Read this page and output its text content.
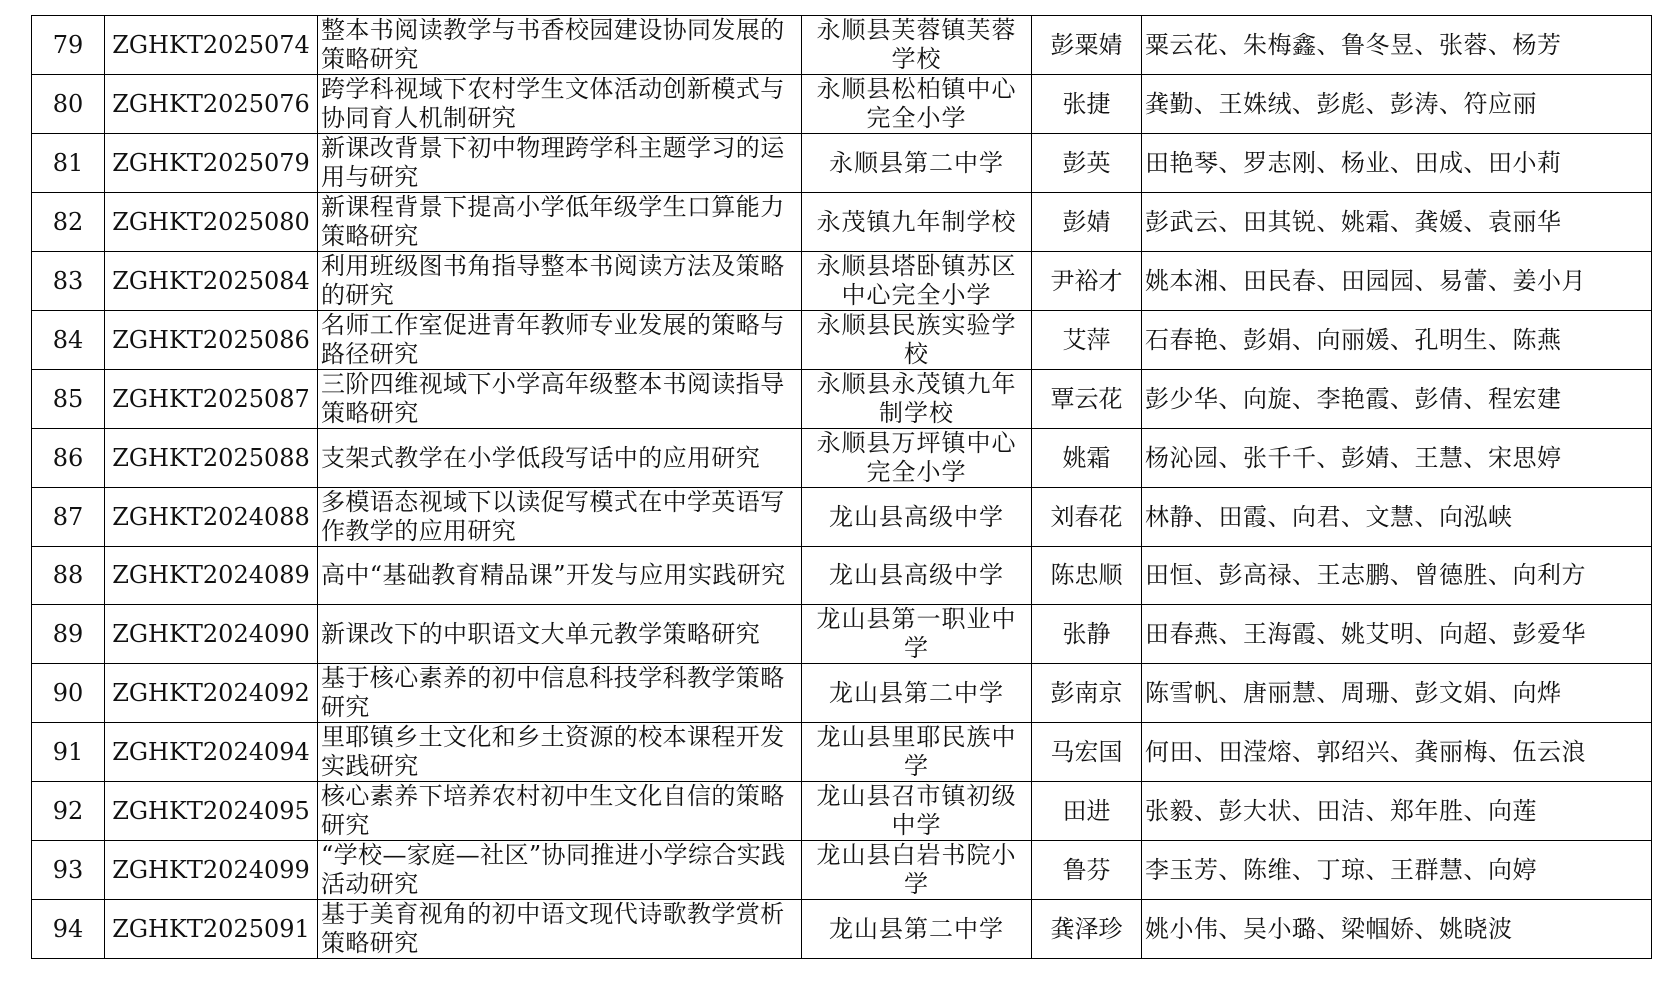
79	ZGHKT2025074	整本书阅读教学与书香校园建设协同发展的策略研究	永顺县芙蓉镇芙蓉学校	彭粟婧	粟云花、朱梅鑫、鲁冬昱、张蓉、杨芳
80	ZGHKT2025076	跨学科视域下农村学生文体活动创新模式与协同育人机制研究	永顺县松柏镇中心完全小学	张捷	龚勤、王姝绒、彭彪、彭涛、符应丽
81	ZGHKT2025079	新课改背景下初中物理跨学科主题学习的运用与研究	永顺县第二中学	彭英	田艳琴、罗志刚、杨业、田成、田小莉
82	ZGHKT2025080	新课程背景下提高小学低年级学生口算能力策略研究	永茂镇九年制学校	彭婧	彭武云、田其锐、姚霜、龚媛、袁丽华
83	ZGHKT2025084	利用班级图书角指导整本书阅读方法及策略的研究	永顺县塔卧镇苏区中心完全小学	尹裕才	姚本湘、田民春、田园园、易蕾、姜小月
84	ZGHKT2025086	名师工作室促进青年教师专业发展的策略与路径研究	永顺县民族实验学校	艾萍	石春艳、彭娟、向丽媛、孔明生、陈燕
85	ZGHKT2025087	三阶四维视域下小学高年级整本书阅读指导策略研究	永顺县永茂镇九年制学校	覃云花	彭少华、向旋、李艳霞、彭倩、程宏建
86	ZGHKT2025088	支架式教学在小学低段写话中的应用研究	永顺县万坪镇中心完全小学	姚霜	杨沁园、张千千、彭婧、王慧、宋思婷
87	ZGHKT2024088	多模语态视域下以读促写模式在中学英语写作教学的应用研究	龙山县高级中学	刘春花	林静、田霞、向君、文慧、向泓峡
88	ZGHKT2024089	高中“基础教育精品课”开发与应用实践研究	龙山县高级中学	陈忠顺	田恒、彭高禄、王志鹏、曾德胜、向利方
89	ZGHKT2024090	新课改下的中职语文大单元教学策略研究	龙山县第一职业中学	张静	田春燕、王海霞、姚艾明、向超、彭爱华
90	ZGHKT2024092	基于核心素养的初中信息科技学科教学策略研究	龙山县第二中学	彭南京	陈雪帆、唐丽慧、周珊、彭文娟、向烨
91	ZGHKT2024094	里耶镇乡土文化和乡土资源的校本课程开发实践研究	龙山县里耶民族中学	马宏国	何田、田滢熔、郭绍兴、龚丽梅、伍云浪
92	ZGHKT2024095	核心素养下培养农村初中生文化自信的策略研究	龙山县召市镇初级中学	田进	张毅、彭大状、田洁、郑年胜、向莲
93	ZGHKT2024099	“学校—家庭—社区”协同推进小学综合实践活动研究	龙山县白岩书院小学	鲁芬	李玉芳、陈维、丁琼、王群慧、向婷
94	ZGHKT2025091	基于美育视角的初中语文现代诗歌教学赏析策略研究	龙山县第二中学	龚泽珍	姚小伟、吴小璐、梁帼娇、姚晓波
